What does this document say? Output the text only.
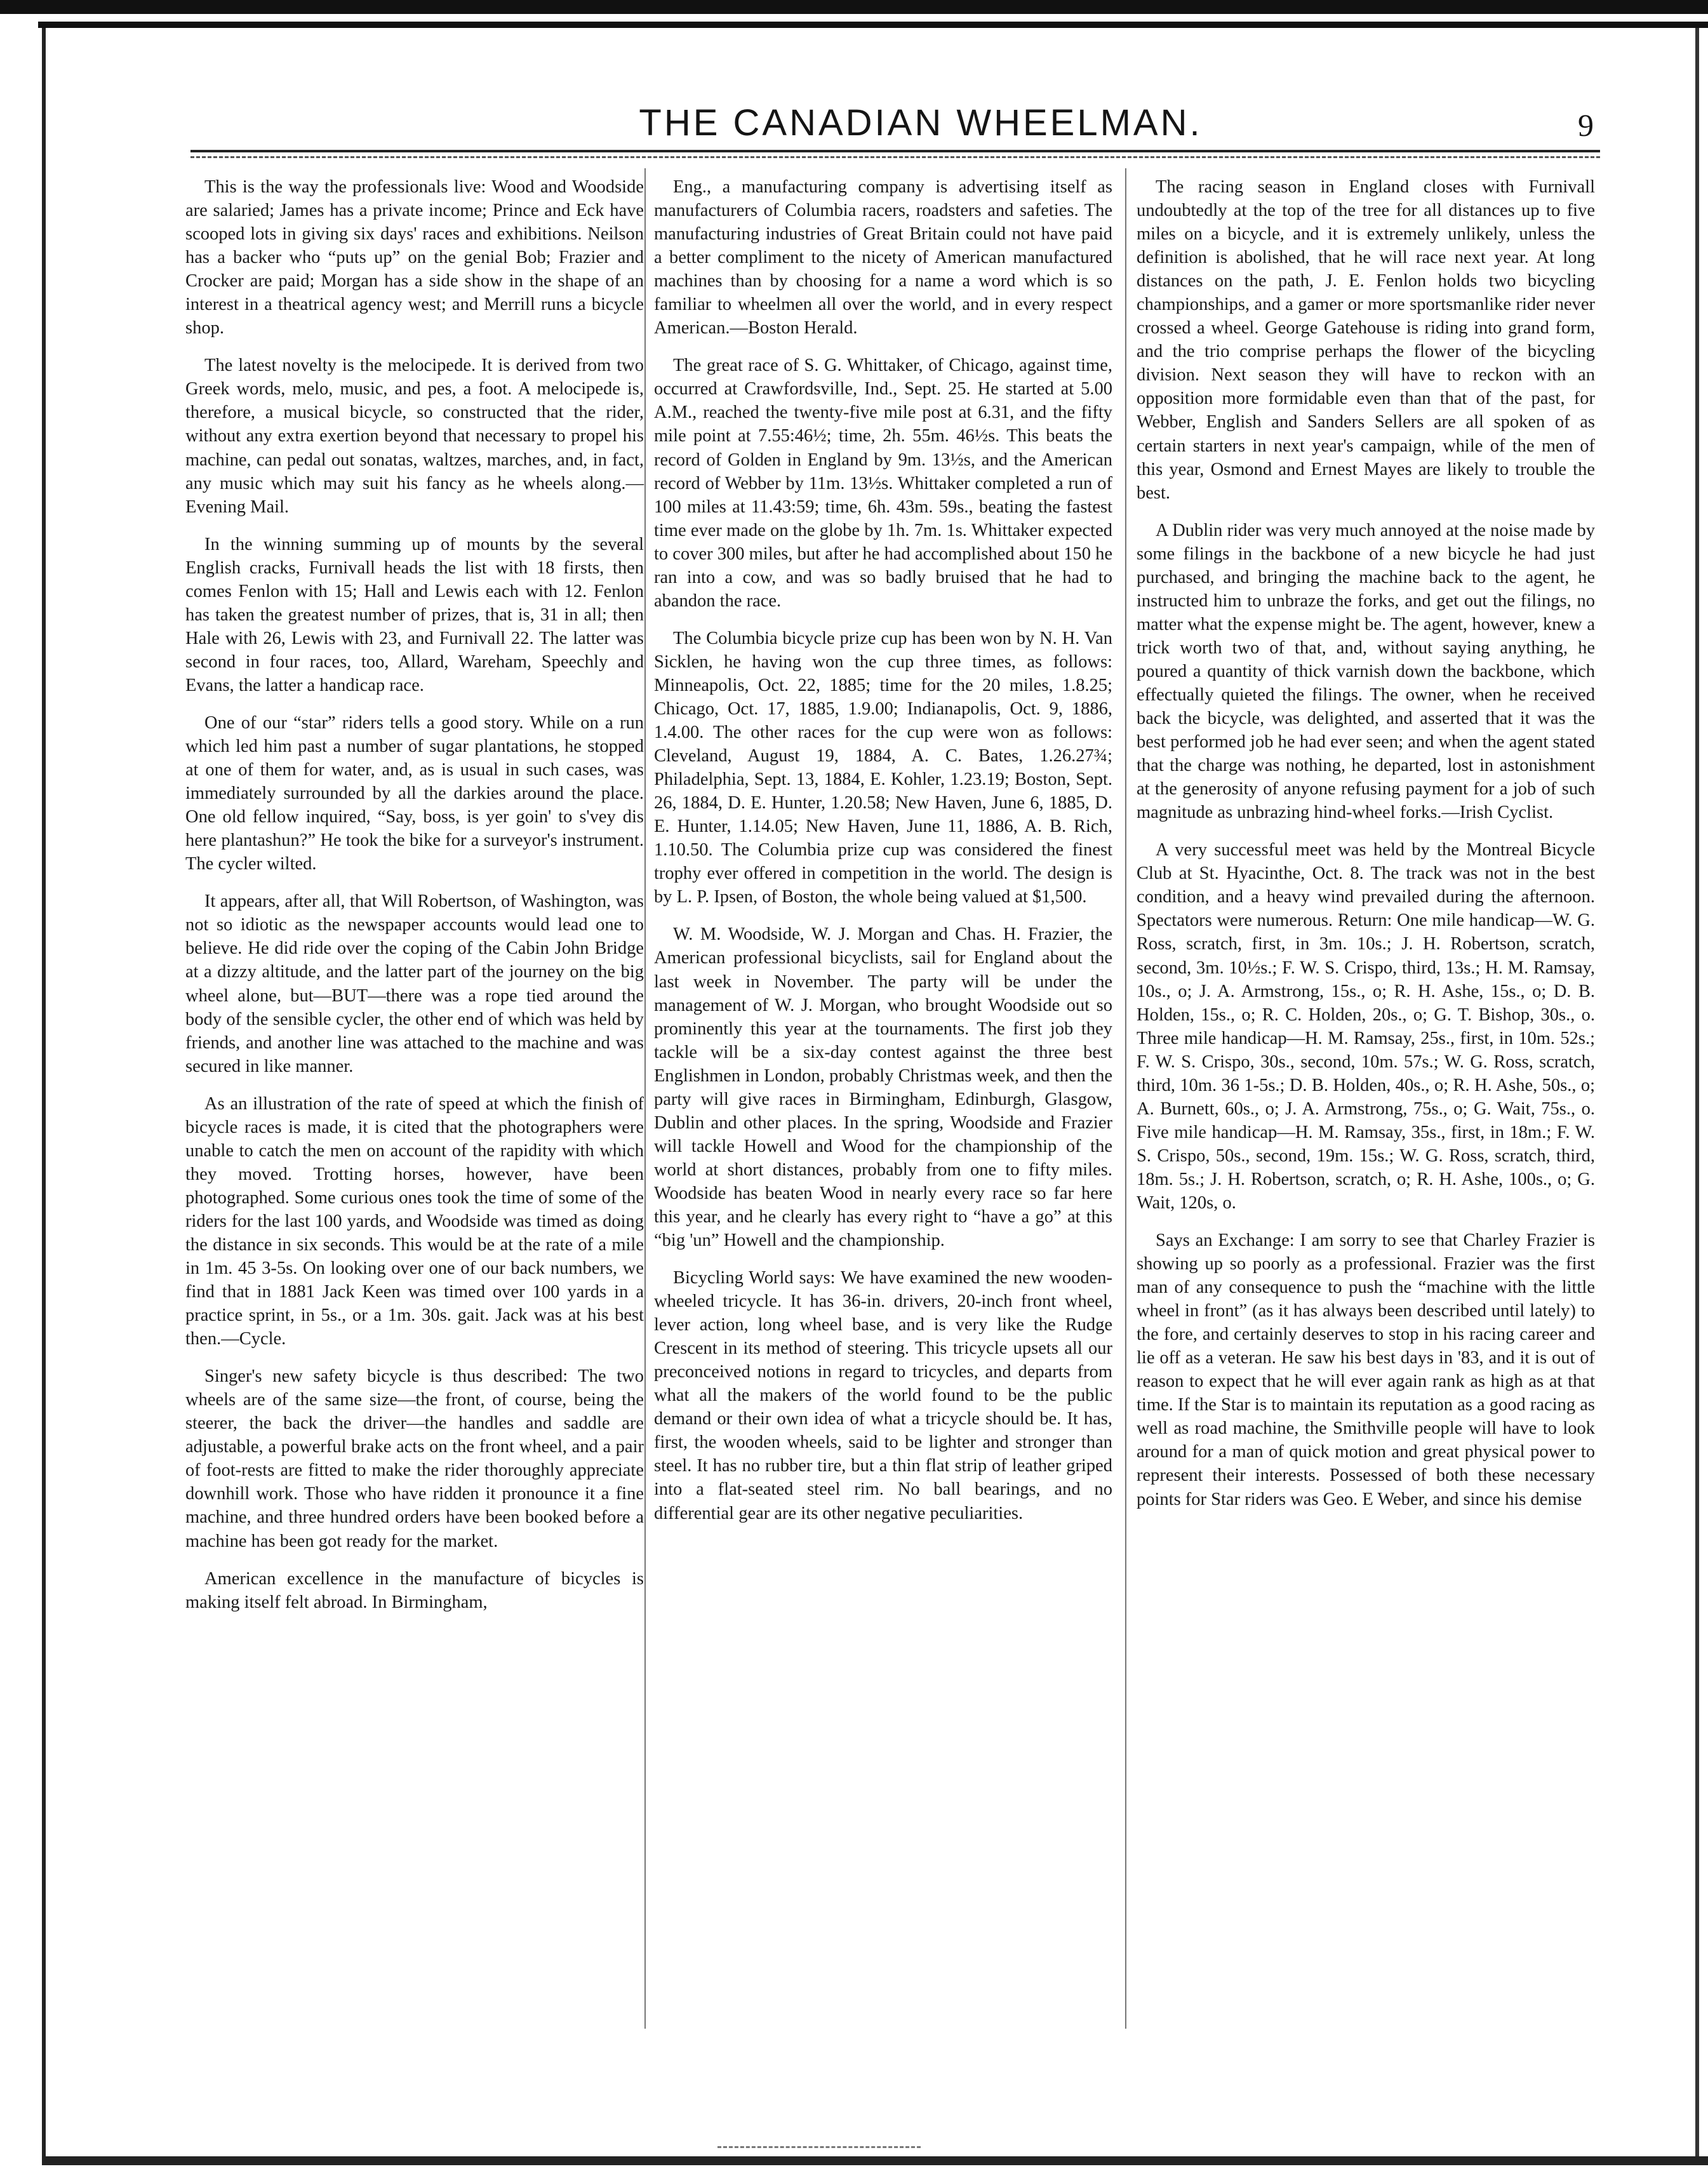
THE CANADIAN WHEELMAN.	9

This is the way the professionals live: Wood and Woodside are salaried; James has a private income; Prince and Eck have scooped lots in giving six days' races and exhibitions. Neilson has a backer who “puts up” on the genial Bob; Frazier and Crocker are paid; Morgan has a side show in the shape of an interest in a theatrical agency west; and Merrill runs a bicycle shop.

The latest novelty is the melocipede. It is derived from two Greek words, melo, music, and pes, a foot. A melocipede is, therefore, a musical bicycle, so constructed that the rider, without any extra exertion beyond that necessary to propel his machine, can pedal out sonatas, waltzes, marches, and, in fact, any music which may suit his fancy as he wheels along.—Evening Mail.

In the winning summing up of mounts by the several English cracks, Furnivall heads the list with 18 firsts, then comes Fenlon with 15; Hall and Lewis each with 12. Fenlon has taken the greatest number of prizes, that is, 31 in all; then Hale with 26, Lewis with 23, and Furnivall 22. The latter was second in four races, too, Allard, Wareham, Speechly and Evans, the latter a handicap race.

One of our “star” riders tells a good story. While on a run which led him past a number of sugar plantations, he stopped at one of them for water, and, as is usual in such cases, was immediately surrounded by all the darkies around the place. One old fellow inquired, “Say, boss, is yer goin' to s'vey dis here plantashun?” He took the bike for a surveyor's instrument. The cycler wilted.

It appears, after all, that Will Robertson, of Washington, was not so idiotic as the newspaper accounts would lead one to believe. He did ride over the coping of the Cabin John Bridge at a dizzy altitude, and the latter part of the journey on the big wheel alone, but—BUT—there was a rope tied around the body of the sensible cycler, the other end of which was held by friends, and another line was attached to the machine and was secured in like manner.

As an illustration of the rate of speed at which the finish of bicycle races is made, it is cited that the photographers were unable to catch the men on account of the rapidity with which they moved. Trotting horses, however, have been photographed. Some curious ones took the time of some of the riders for the last 100 yards, and Woodside was timed as doing the distance in six seconds. This would be at the rate of a mile in 1m. 45 3-5s. On looking over one of our back numbers, we find that in 1881 Jack Keen was timed over 100 yards in a practice sprint, in 5s., or a 1m. 30s. gait. Jack was at his best then.—Cycle.

Singer's new safety bicycle is thus described: The two wheels are of the same size—the front, of course, being the steerer, the back the driver—the handles and saddle are adjustable, a powerful brake acts on the front wheel, and a pair of foot-rests are fitted to make the rider thoroughly appreciate downhill work. Those who have ridden it pronounce it a fine machine, and three hundred orders have been booked before a machine has been got ready for the market.

American excellence in the manufacture of bicycles is making itself felt abroad. In Birmingham,

Eng., a manufacturing company is advertising itself as manufacturers of Columbia racers, roadsters and safeties. The manufacturing industries of Great Britain could not have paid a better compliment to the nicety of American manufactured machines than by choosing for a name a word which is so familiar to wheelmen all over the world, and in every respect American.—Boston Herald.

The great race of S. G. Whittaker, of Chicago, against time, occurred at Crawfordsville, Ind., Sept. 25. He started at 5.00 A.M., reached the twenty-five mile post at 6.31, and the fifty mile point at 7.55:46½; time, 2h. 55m. 46½s. This beats the record of Golden in England by 9m. 13½s, and the American record of Webber by 11m. 13½s. Whittaker completed a run of 100 miles at 11.43:59; time, 6h. 43m. 59s., beating the fastest time ever made on the globe by 1h. 7m. 1s. Whittaker expected to cover 300 miles, but after he had accomplished about 150 he ran into a cow, and was so badly bruised that he had to abandon the race.

The Columbia bicycle prize cup has been won by N. H. Van Sicklen, he having won the cup three times, as follows: Minneapolis, Oct. 22, 1885; time for the 20 miles, 1.8.25; Chicago, Oct. 17, 1885, 1.9.00; Indianapolis, Oct. 9, 1886, 1.4.00. The other races for the cup were won as follows: Cleveland, August 19, 1884, A. C. Bates, 1.26.27¾; Philadelphia, Sept. 13, 1884, E. Kohler, 1.23.19; Boston, Sept. 26, 1884, D. E. Hunter, 1.20.58; New Haven, June 6, 1885, D. E. Hunter, 1.14.05; New Haven, June 11, 1886, A. B. Rich, 1.10.50. The Columbia prize cup was considered the finest trophy ever offered in competition in the world. The design is by L. P. Ipsen, of Boston, the whole being valued at $1,500.

W. M. Woodside, W. J. Morgan and Chas. H. Frazier, the American professional bicyclists, sail for England about the last week in November. The party will be under the management of W. J. Morgan, who brought Woodside out so prominently this year at the tournaments. The first job they tackle will be a six-day contest against the three best Englishmen in London, probably Christmas week, and then the party will give races in Birmingham, Edinburgh, Glasgow, Dublin and other places. In the spring, Woodside and Frazier will tackle Howell and Wood for the championship of the world at short distances, probably from one to fifty miles. Woodside has beaten Wood in nearly every race so far here this year, and he clearly has every right to “have a go” at this “big 'un” Howell and the championship.

Bicycling World says: We have examined the new wooden-wheeled tricycle. It has 36-in. drivers, 20-inch front wheel, lever action, long wheel base, and is very like the Rudge Crescent in its method of steering. This tricycle upsets all our preconceived notions in regard to tricycles, and departs from what all the makers of the world found to be the public demand or their own idea of what a tricycle should be. It has, first, the wooden wheels, said to be lighter and stronger than steel. It has no rubber tire, but a thin flat strip of leather griped into a flat-seated steel rim. No ball bearings, and no differential gear are its other negative peculiarities.

The racing season in England closes with Furnivall undoubtedly at the top of the tree for all distances up to five miles on a bicycle, and it is extremely unlikely, unless the definition is abolished, that he will race next year. At long distances on the path, J. E. Fenlon holds two bicycling championships, and a gamer or more sportsmanlike rider never crossed a wheel. George Gatehouse is riding into grand form, and the trio comprise perhaps the flower of the bicycling division. Next season they will have to reckon with an opposition more formidable even than that of the past, for Webber, English and Sanders Sellers are all spoken of as certain starters in next year's campaign, while of the men of this year, Osmond and Ernest Mayes are likely to trouble the best.

A Dublin rider was very much annoyed at the noise made by some filings in the backbone of a new bicycle he had just purchased, and bringing the machine back to the agent, he instructed him to unbraze the forks, and get out the filings, no matter what the expense might be. The agent, however, knew a trick worth two of that, and, without saying anything, he poured a quantity of thick varnish down the backbone, which effectually quieted the filings. The owner, when he received back the bicycle, was delighted, and asserted that it was the best performed job he had ever seen; and when the agent stated that the charge was nothing, he departed, lost in astonishment at the generosity of anyone refusing payment for a job of such magnitude as unbrazing hind-wheel forks.—Irish Cyclist.

A very successful meet was held by the Montreal Bicycle Club at St. Hyacinthe, Oct. 8. The track was not in the best condition, and a heavy wind prevailed during the afternoon. Spectators were numerous. Return: One mile handicap—W. G. Ross, scratch, first, in 3m. 10s.; J. H. Robertson, scratch, second, 3m. 10½s.; F. W. S. Crispo, third, 13s.; H. M. Ramsay, 10s., o; J. A. Armstrong, 15s., o; R. H. Ashe, 15s., o; D. B. Holden, 15s., o; R. C. Holden, 20s., o; G. T. Bishop, 30s., o. Three mile handicap—H. M. Ramsay, 25s., first, in 10m. 52s.; F. W. S. Crispo, 30s., second, 10m. 57s.; W. G. Ross, scratch, third, 10m. 36 1-5s.; D. B. Holden, 40s., o; R. H. Ashe, 50s., o; A. Burnett, 60s., o; J. A. Armstrong, 75s., o; G. Wait, 75s., o. Five mile handicap—H. M. Ramsay, 35s., first, in 18m.; F. W. S. Crispo, 50s., second, 19m. 15s.; W. G. Ross, scratch, third, 18m. 5s.; J. H. Robertson, scratch, o; R. H. Ashe, 100s., o; G. Wait, 120s, o.

Says an Exchange: I am sorry to see that Charley Frazier is showing up so poorly as a professional. Frazier was the first man of any consequence to push the “machine with the little wheel in front” (as it has always been described until lately) to the fore, and certainly deserves to stop in his racing career and lie off as a veteran. He saw his best days in '83, and it is out of reason to expect that he will ever again rank as high as at that time. If the Star is to maintain its reputation as a good racing as well as road machine, the Smithville people will have to look around for a man of quick motion and great physical power to represent their interests. Possessed of both these necessary points for Star riders was Geo. E Weber, and since his demise
